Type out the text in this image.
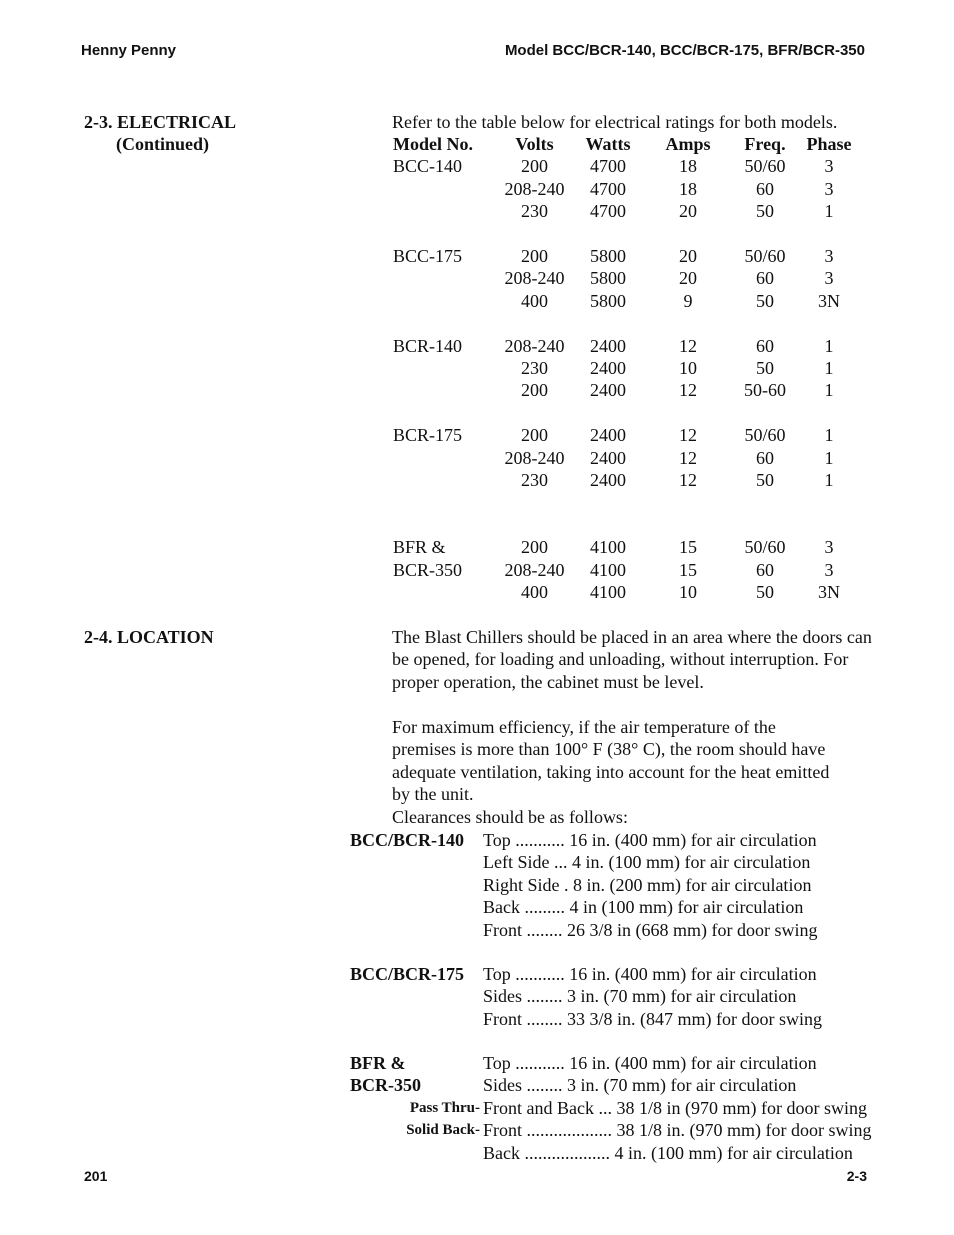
Henny Penny	Model BCC/BCR-140, BCC/BCR-175, BFR/BCR-350
2-3. ELECTRICAL
(Continued)
Refer to the table below for electrical ratings for both models.
Model No.	Volts	Watts	Amps	Freq.	Phase
BCC-140	200	4700	18	50/60	3
	208-240	4700	18	60	3
	230	4700	20	50	1

BCC-175	200	5800	20	50/60	3
	208-240	5800	20	60	3
	400	5800	9	50	3N

BCR-140	208-240	2400	12	60	1
	230	2400	10	50	1
	200	2400	12	50-60	1

BCR-175	200	2400	12	50/60	1
	208-240	2400	12	60	1
	230	2400	12	50	1

BFR &	200	4100	15	50/60	3
BCR-350	208-240	4100	15	60	3
	400	4100	10	50	3N
2-4. LOCATION	The Blast Chillers should be placed in an area where the doors can be opened, for loading and unloading, without interruption. For proper operation, the cabinet must be level.
For maximum efficiency, if the air temperature of the premises is more than 100° F (38° C), the room should have adequate ventilation, taking into account for the heat emitted by the unit.
Clearances should be as follows:
BCC/BCR-140 Top ........... 16 in. (400 mm) for air circulation
Left Side ... 4 in. (100 mm) for air circulation
Right Side . 8 in. (200 mm) for air circulation
Back ......... 4 in (100 mm) for air circulation
Front ........ 26 3/8 in (668 mm) for door swing
BCC/BCR-175 Top ........... 16 in. (400 mm) for air circulation
Sides ........ 3 in. (70 mm) for air circulation
Front ........ 33 3/8 in. (847 mm) for door swing
BFR &	Top ........... 16 in. (400 mm) for air circulation
BCR-350	Sides ........ 3 in. (70 mm) for air circulation
Pass Thru- Front and Back ... 38 1/8 in (970 mm) for door swing
Solid Back- Front ................... 38 1/8 in. (970 mm) for door swing
Back ................... 4 in. (100 mm) for air circulation
201	2-3
